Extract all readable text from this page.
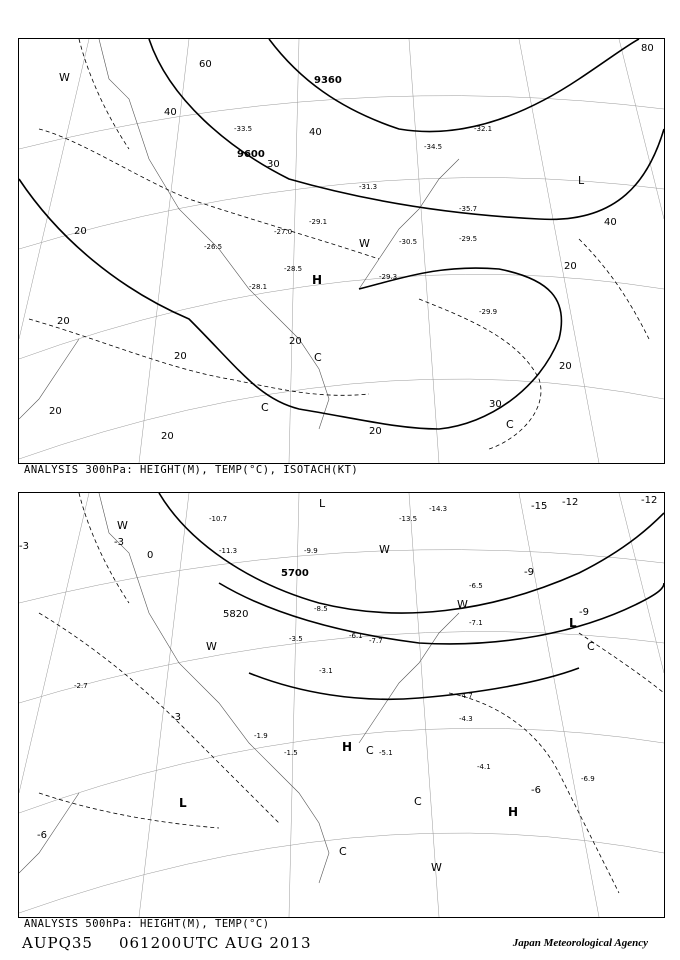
9600
9360
20
20
20
20
20
20	20
20
20
30
30
40
40
40
60
80
H
W
W
C
C
C
L
-27.0
-29.1
-29.3
-29.5
-29.9
-30.5
-31.3
-33.5
-34.5
-35.7
-32.1
-26.5
-28.1
-28.5
ANALYSIS 300hPa: HEIGHT(M), TEMP(°C), ISOTACH(KT)
5700
5820
-3
-3
-3
0
-6
-6
-9
-12
-15
-12
-9
W
W
W
W
W
H
H
C
C
C
C
L
L
L	-14.3
-13.5
-11.3
-10.7
-9.9
-8.5
-7.7
-6.5
-6.1
-5.1
-4.7
-4.3
-4.1
-3.5
-3.1
-2.7
-1.9
-1.5
-6.9
-7.1
ANALYSIS 500hPa: HEIGHT(M), TEMP(°C)
AUPQ35 061200UTC AUG 2013	Japan Meteorological Agency
